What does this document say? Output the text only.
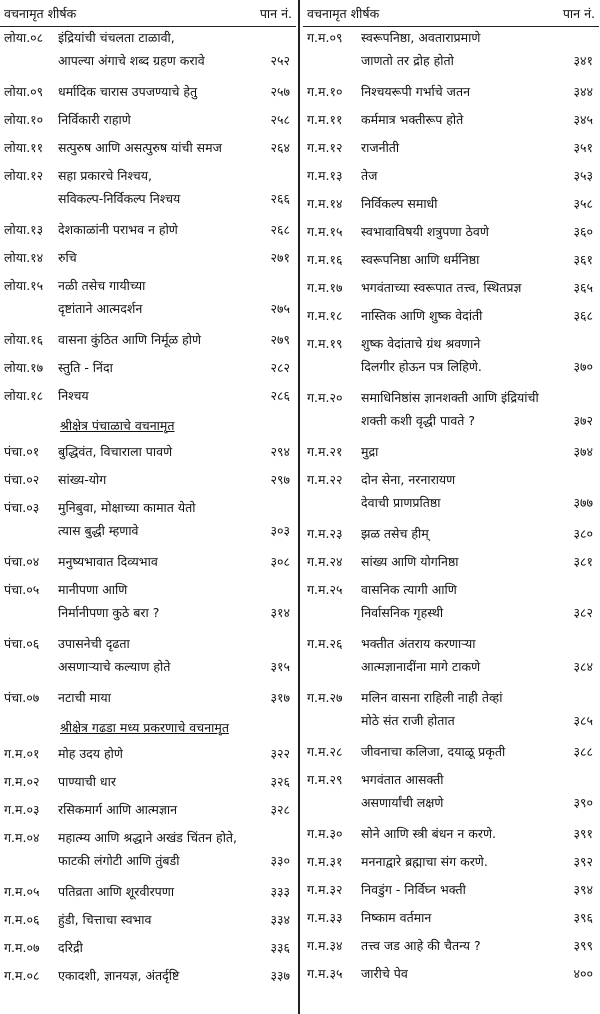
वचनामृत शीर्षक	पान नं.
लोया.०८ इंद्रियांची चंचलता टाळावी,
आपल्या अंगाचे शब्द ग्रहण करावे	२५२
लोया.०९ धर्मादिक चारास उपजण्याचे हेतु	२५७
लोया.१० निर्विकारी राहाणे	२५८
लोया.११ सत्पुरुष आणि असत्पुरुष यांची समज	२६४
लोया.१२ सहा प्रकारचे निश्चय,
सविकल्प-निर्विकल्प निश्चय	२६६
लोया.१३ देशकाळांनी पराभव न होणे	२६८
लोया.१४ रुचि	२७१
लोया.१५ नळी तसेच गायीच्या
दृष्टांताने आत्मदर्शन	२७५
लोया.१६ वासना कुंठित आणि निर्मूळ होणे	२७९
लोया.१७ स्तुति - निंदा	२८२
लोया.१८ निश्चय	२८६
श्रीक्षेत्र पंचाळाचे वचनामृत
पंचा.०१ बुद्धिवंत, विचाराला पावणे	२९४
पंचा.०२ सांख्य-योग	२९७
पंचा.०३ मुनिबुवा, मोक्षाच्या कामात येतो
त्यास बुद्धी म्हणावे	३०३
पंचा.०४ मनुष्यभावात दिव्यभाव	३०८
पंचा.०५ मानीपणा आणि
निर्मानीपणा कुठे बरा ?	३१४
पंचा.०६ उपासनेची दृढता
असणाऱ्याचे कल्याण होते	३१५
पंचा.०७ नटाची माया	३१७
श्रीक्षेत्र गढडा मध्य प्रकरणाचे वचनामृत
ग.म.०१ मोह उदय होणे	३२२
ग.म.०२ पाण्याची धार	३२६
ग.म.०३ रसिकमार्ग आणि आत्मज्ञान	३२८
ग.म.०४ महात्म्य आणि श्रद्धाने अखंड चिंतन होते,
फाटकी लंगोटी आणि तुंबडी	३३०
ग.म.०५ पतिव्रता आणि शूरवीरपणा	३३३
ग.म.०६ हुंडी, चित्ताचा स्वभाव	३३४
ग.म.०७ दरिद्री	३३६
ग.म.०८ एकादशी, ज्ञानयज्ञ, अंतर्दृष्टि	३३७
वचनामृत शीर्षक	पान नं.
ग.म.०९ स्वरूपनिष्ठा, अवताराप्रमाणे
जाणतो तर द्रोह होतो	३४१
ग.म.१० निश्चयरूपी गर्भाचे जतन	३४४
ग.म.११ कर्ममात्र भक्तीरूप होते	३४५
ग.म.१२ राजनीती	३५१
ग.म.१३ तेज	३५३
ग.म.१४ निर्विकल्प समाधी	३५८
ग.म.१५ स्वभावाविषयी शत्रुपणा ठेवणे	३६०
ग.म.१६ स्वरूपनिष्ठा आणि धर्मनिष्ठा	३६१
ग.म.१७ भगवंताच्या स्वरूपात तत्त्व, स्थितप्रज्ञ	३६५
ग.म.१८ नास्तिक आणि शुष्क वेदांती	३६८
ग.म.१९ शुष्क वेदांताचे ग्रंथ श्रवणाने
दिलगीर होऊन पत्र लिहिणे.	३७०
ग.म.२० समाधिनिष्ठांस ज्ञानशक्ती आणि इंद्रियांची
शक्ती कशी वृद्धी पावते ?	३७२
ग.म.२१ मुद्रा	३७४
ग.म.२२ दोन सेना, नरनारायण
देवाची प्राणप्रतिष्ठा	३७७
ग.म.२३ झळ तसेच हीम्	३८०
ग.म.२४ सांख्य आणि योगनिष्ठा	३८१
ग.म.२५ वासनिक त्यागी आणि
निर्वासनिक गृहस्थी	३८२
ग.म.२६ भक्तीत अंतराय करणाऱ्या
आत्मज्ञानादींना मागे टाकणे	३८४
ग.म.२७ मलिन वासना राहिली नाही तेव्हां
मोठे संत राजी होतात	३८५
ग.म.२८ जीवनाचा कलिजा, दयाळू प्रकृती	३८८
ग.म.२९ भगवंतात आसक्ती
असणार्यांची लक्षणे	३९०
ग.म.३० सोने आणि स्त्री बंधन न करणे.	३९१
ग.म.३१ मननाद्वारे ब्रह्माचा संग करणे.	३९२
ग.म.३२ निवडुंग - निर्विघ्न भक्ती	३९४
ग.म.३३ निष्काम वर्तमान	३९६
ग.म.३४ तत्त्व जड आहे की चैतन्य ?	३९९
ग.म.३५ जारीचे पेव	४००
